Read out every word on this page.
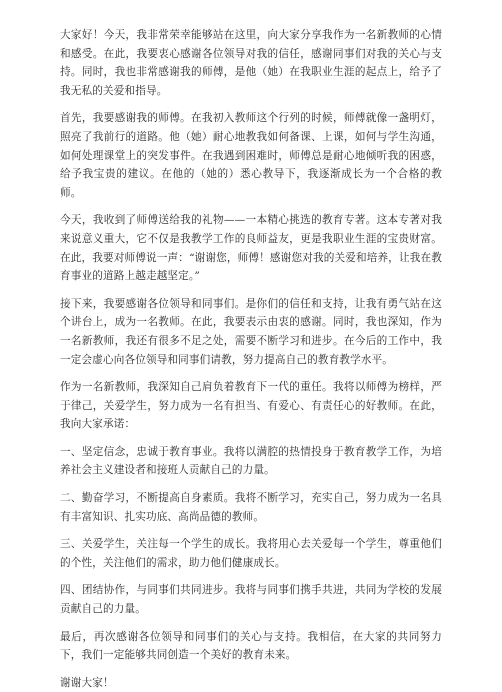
大家好！今天，我非常荣幸能够站在这里，向大家分享我作为一名新教师的心情和感受。在此，我要衷心感谢各位领导对我的信任，感谢同事们对我的关心与支持。同时，我也非常感谢我的师傅，是他（她）在我职业生涯的起点上，给予了我无私的关爱和指导。

首先，我要感谢我的师傅。在我初入教师这个行列的时候，师傅就像一盏明灯，照亮了我前行的道路。他（她）耐心地教我如何备课、上课，如何与学生沟通，如何处理课堂上的突发事件。在我遇到困难时，师傅总是耐心地倾听我的困惑，给予我宝贵的建议。在他的（她的）悉心教导下，我逐渐成长为一个合格的教师。

今天，我收到了师傅送给我的礼物——一本精心挑选的教育专著。这本专著对我来说意义重大，它不仅是我教学工作的良师益友，更是我职业生涯的宝贵财富。在此，我要对师傅说一声：“谢谢您，师傅！感谢您对我的关爱和培养，让我在教育事业的道路上越走越坚定。”

接下来，我要感谢各位领导和同事们。是你们的信任和支持，让我有勇气站在这个讲台上，成为一名教师。在此，我要表示由衷的感谢。同时，我也深知，作为一名新教师，我还有很多不足之处，需要不断学习和进步。在今后的工作中，我一定会虚心向各位领导和同事们请教，努力提高自己的教育教学水平。

作为一名新教师，我深知自己肩负着教育下一代的重任。我将以师傅为榜样，严于律己，关爱学生，努力成为一名有担当、有爱心、有责任心的好教师。在此，我向大家承诺：

一、坚定信念，忠诚于教育事业。我将以满腔的热情投身于教育教学工作，为培养社会主义建设者和接班人贡献自己的力量。

二、勤奋学习，不断提高自身素质。我将不断学习，充实自己，努力成为一名具有丰富知识、扎实功底、高尚品德的教师。

三、关爱学生，关注每一个学生的成长。我将用心去关爱每一个学生，尊重他们的个性，关注他们的需求，助力他们健康成长。

四、团结协作，与同事们共同进步。我将与同事们携手共进，共同为学校的发展贡献自己的力量。

最后，再次感谢各位领导和同事们的关心与支持。我相信，在大家的共同努力下，我们一定能够共同创造一个美好的教育未来。

谢谢大家！
